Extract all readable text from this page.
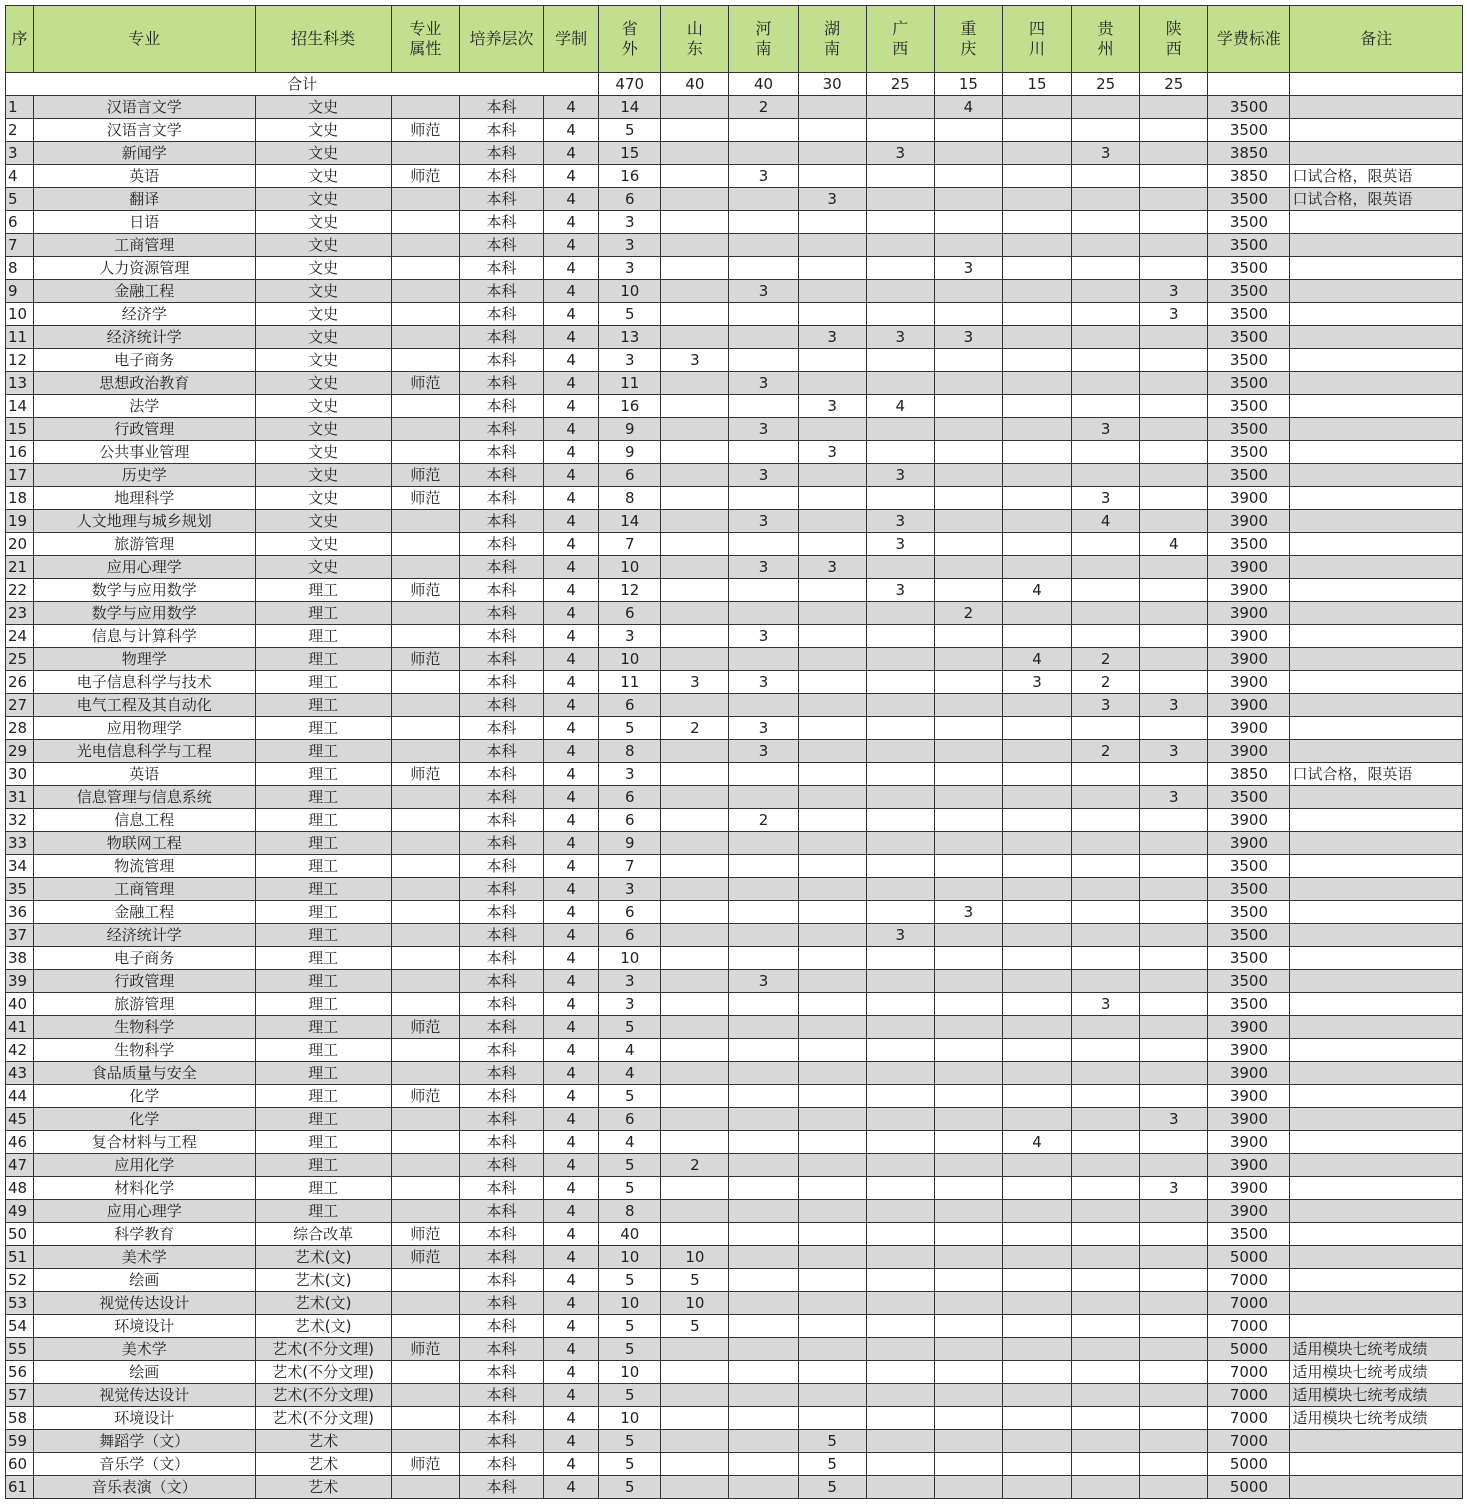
序	专业	招生科类	专业属性	培养层次	学制	省外	山东	河南	湖南	广西	重庆	四川	贵州	陕西	学费标准	备注
合计						470	40	40	30	25	15	15	25	25		
1	汉语言文学	文史		本科	4	14		2			4				3500	
2	汉语言文学	文史	师范	本科	4	5									3500	
3	新闻学	文史		本科	4	15				3			3		3850	
4	英语	文史	师范	本科	4	16		3							3850	口试合格，限英语
5	翻译	文史		本科	4	6			3						3500	口试合格，限英语
6	日语	文史		本科	4	3									3500	
7	工商管理	文史		本科	4	3									3500	
8	人力资源管理	文史		本科	4	3					3				3500	
9	金融工程	文史		本科	4	10		3						3	3500	
10	经济学	文史		本科	4	5								3	3500	
11	经济统计学	文史		本科	4	13			3	3	3				3500	
12	电子商务	文史		本科	4	3	3								3500	
13	思想政治教育	文史	师范	本科	4	11		3							3500	
14	法学	文史		本科	4	16			3	4					3500	
15	行政管理	文史		本科	4	9		3					3		3500	
16	公共事业管理	文史		本科	4	9			3						3500	
17	历史学	文史	师范	本科	4	6		3		3					3500	
18	地理科学	文史	师范	本科	4	8							3		3900	
19	人文地理与城乡规划	文史		本科	4	14		3		3			4		3900	
20	旅游管理	文史		本科	4	7				3				4	3500	
21	应用心理学	文史		本科	4	10		3	3						3900	
22	数学与应用数学	理工	师范	本科	4	12				3		4			3900	
23	数学与应用数学	理工		本科	4	6					2				3900	
24	信息与计算科学	理工		本科	4	3		3							3900	
25	物理学	理工	师范	本科	4	10						4	2		3900	
26	电子信息科学与技术	理工		本科	4	11	3	3				3	2		3900	
27	电气工程及其自动化	理工		本科	4	6							3	3	3900	
28	应用物理学	理工		本科	4	5	2	3							3900	
29	光电信息科学与工程	理工		本科	4	8		3					2	3	3900	
30	英语	理工	师范	本科	4	3									3850	口试合格，限英语
31	信息管理与信息系统	理工		本科	4	6								3	3500	
32	信息工程	理工		本科	4	6		2							3900	
33	物联网工程	理工		本科	4	9									3900	
34	物流管理	理工		本科	4	7									3500	
35	工商管理	理工		本科	4	3									3500	
36	金融工程	理工		本科	4	6					3				3500	
37	经济统计学	理工		本科	4	6				3					3500	
38	电子商务	理工		本科	4	10									3500	
39	行政管理	理工		本科	4	3		3							3500	
40	旅游管理	理工		本科	4	3							3		3500	
41	生物科学	理工	师范	本科	4	5									3900	
42	生物科学	理工		本科	4	4									3900	
43	食品质量与安全	理工		本科	4	4									3900	
44	化学	理工	师范	本科	4	5									3900	
45	化学	理工		本科	4	6								3	3900	
46	复合材料与工程	理工		本科	4	4						4			3900	
47	应用化学	理工		本科	4	5	2								3900	
48	材料化学	理工		本科	4	5								3	3900	
49	应用心理学	理工		本科	4	8									3900	
50	科学教育	综合改革	师范	本科	4	40									3500	
51	美术学	艺术(文)	师范	本科	4	10	10								5000	
52	绘画	艺术(文)		本科	4	5	5								7000	
53	视觉传达设计	艺术(文)		本科	4	10	10								7000	
54	环境设计	艺术(文)		本科	4	5	5								7000	
55	美术学	艺术(不分文理)	师范	本科	4	5									5000	适用模块七统考成绩
56	绘画	艺术(不分文理)		本科	4	10									7000	适用模块七统考成绩
57	视觉传达设计	艺术(不分文理)		本科	4	5									7000	适用模块七统考成绩
58	环境设计	艺术(不分文理)		本科	4	10									7000	适用模块七统考成绩
59	舞蹈学（文）	艺术		本科	4	5			5						7000	
60	音乐学（文）	艺术	师范	本科	4	5			5						5000	
61	音乐表演（文）	艺术		本科	4	5			5						5000	
